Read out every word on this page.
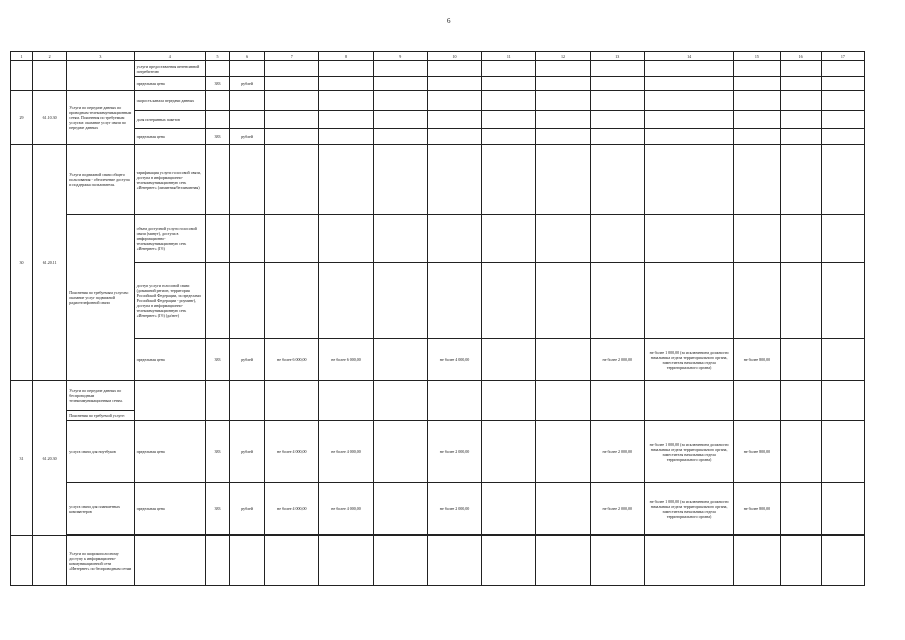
6
1	2	3	4	5	6	7	8	9	10	11	12	13	14	15	16	17
			услуги предоставления интенсивной потребителю													
			предельная цена	383	рублей											
29	61.10.30	Услуги по передаче данных по проводным телекоммуникационным сетям. Пояснения по требуемым услугам: оказание услуг связи по передаче данных	скорость канала передачи данных													
			доля потерянных пакетов													
			предельная цена	383	рублей											
30	61.20.11	Услуги подвижной связи общего пользования - обеспечение доступа и поддержка пользователя.	тарификация услуги голосовой связи, доступа в информационно-телекоммуникационную сеть «Интернет» (лимитная/безлимитная)													
		Пояснения по требуемым услугам: оказание услуг подвижной радиотелефонной связи	объем доступной услуги голосовой связи (минут), доступа в информационно-телекоммуникационную сеть «Интернет» (Гб)													
			доступ услуги голосовой связи (домашний регион, территория Российской Федерации, за пределами Российской Федерации - роуминг), доступа в информационно-телекоммуникационную сеть «Интернет» (Гб) (да/нет)													
			предельная цена	383	рублей	не более 6 000,00	не более 6 000,00		не более 4 000,00			не более 2 000,00	не более 1 000,00 (за исключением должности начальника отдела территориального органа, заместителя начальника отдела территориального органа)	не более 800,00		
31	61.20.30	Услуги по передаче данных по беспроводным телекоммуникационным сетям.														
		Пояснения по требуемой услуге:														
		услуга связи для ноутбуков	предельная цена	383	рублей	не более 4 000,00	не более 4 000,00		не более 2 000,00			не более 2 000,00	не более 1 000,00 (за исключением должности начальника отдела территориального органа, заместителя начальника отдела территориального органа)	не более 800,00		
		услуга связи для планшетных компьютеров	предельная цена	383	рублей	не более 4 000,00	не более 4 000,00		не более 2 000,00			не более 2 000,00	не более 1 000,00 (за исключением должности начальника отдела территориального органа, заместителя начальника отдела территориального органа)	не более 800,00		

		Услуги по широкополосному доступу к информационно-коммуникационной сети «Интернет» по беспроводным сетям														
